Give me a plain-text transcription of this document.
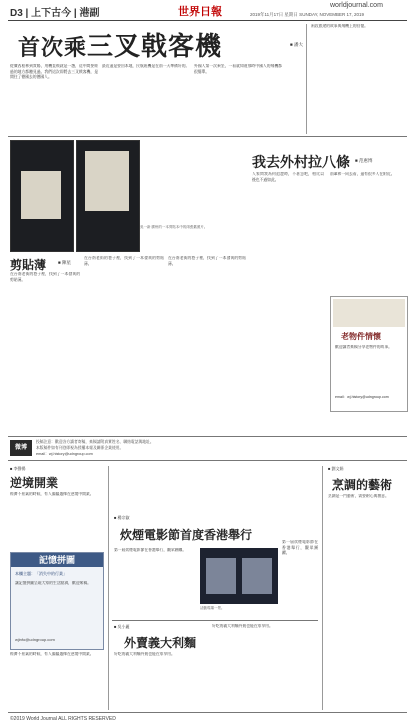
D3 | 上下古今 | 港副	世界日報
worldjournal.com
2019年11月17日 星期日 SUNDAY, NOVEMBER 17, 2019
首次乘三叉戟客機	■ 潘大
從廣西桂林到貴陽，用機直飛就是一趟，這中間要經過的地方都聽見過。我們這次即將去三叉戟客機，是開往了德國去的德國人。
最近還是要回本地，民航班機是在前一天準備好的。 外國人第一次乘坐，一看就知道那時中國人的飛機都很簡單。
兩段旅途的故事與飛機上的回憶。
吳一新 廣州的一本剪貼本中的兩張舊照片。
我去外村拉八條 ■ 范惠博
人家問我為何追趕時，不著急吧，相比以後也不過如此。
前輩和一同去看，還有很多人在附近。
剪貼薄	■ 陳星
在台南老街的巷子裡，找到了一本發黃的剪貼薄。
在台南老街的巷子裡，找到了一本發黃的剪貼薄。
在台南老街的巷子裡，找到了一本發黃的剪貼薄。
老物件情懷
歡迎讀者來稿分享老物件的故事。
email：wj.history@udngroup.com
微博
投稿注意：歡迎各方讀者寄稿，來稿請附真實姓名、聯絡電話與地址。
本版稿件如有刊登即視為授權本報及關係企業使用。
email：wj.history@udngroup.com
■ 李聲揚
逆境開業
經濟不景氣的時候，有人偏偏選擇在逆境中開業。
記憶拼圖
本欄主題：「消失中的行業」
讓記憶拼圖呈現大家的生活點滴，歡迎來稿。
wjinfo@udngroup.com
經濟不景氣的時候，有人偏偏選擇在逆境中開業。
■ 楊宗叡
炊煙電影節首度香港舉行
第一屆炊煙電影節在香港舉行，觀眾踴躍。
活動現場一景。
第一屆炊煙電影節在香港舉行，觀眾踴躍。
■ 吳小麗
外賣義大利麵
好吃的義大利麵外賣也能在家享用。
好吃的義大利麵外賣也能在家享用。
■ 劉文娟
烹調的藝術
烹調是一門藝術，需要耐心與創意。
©2019 World Journal ALL RIGHTS RESERVED
